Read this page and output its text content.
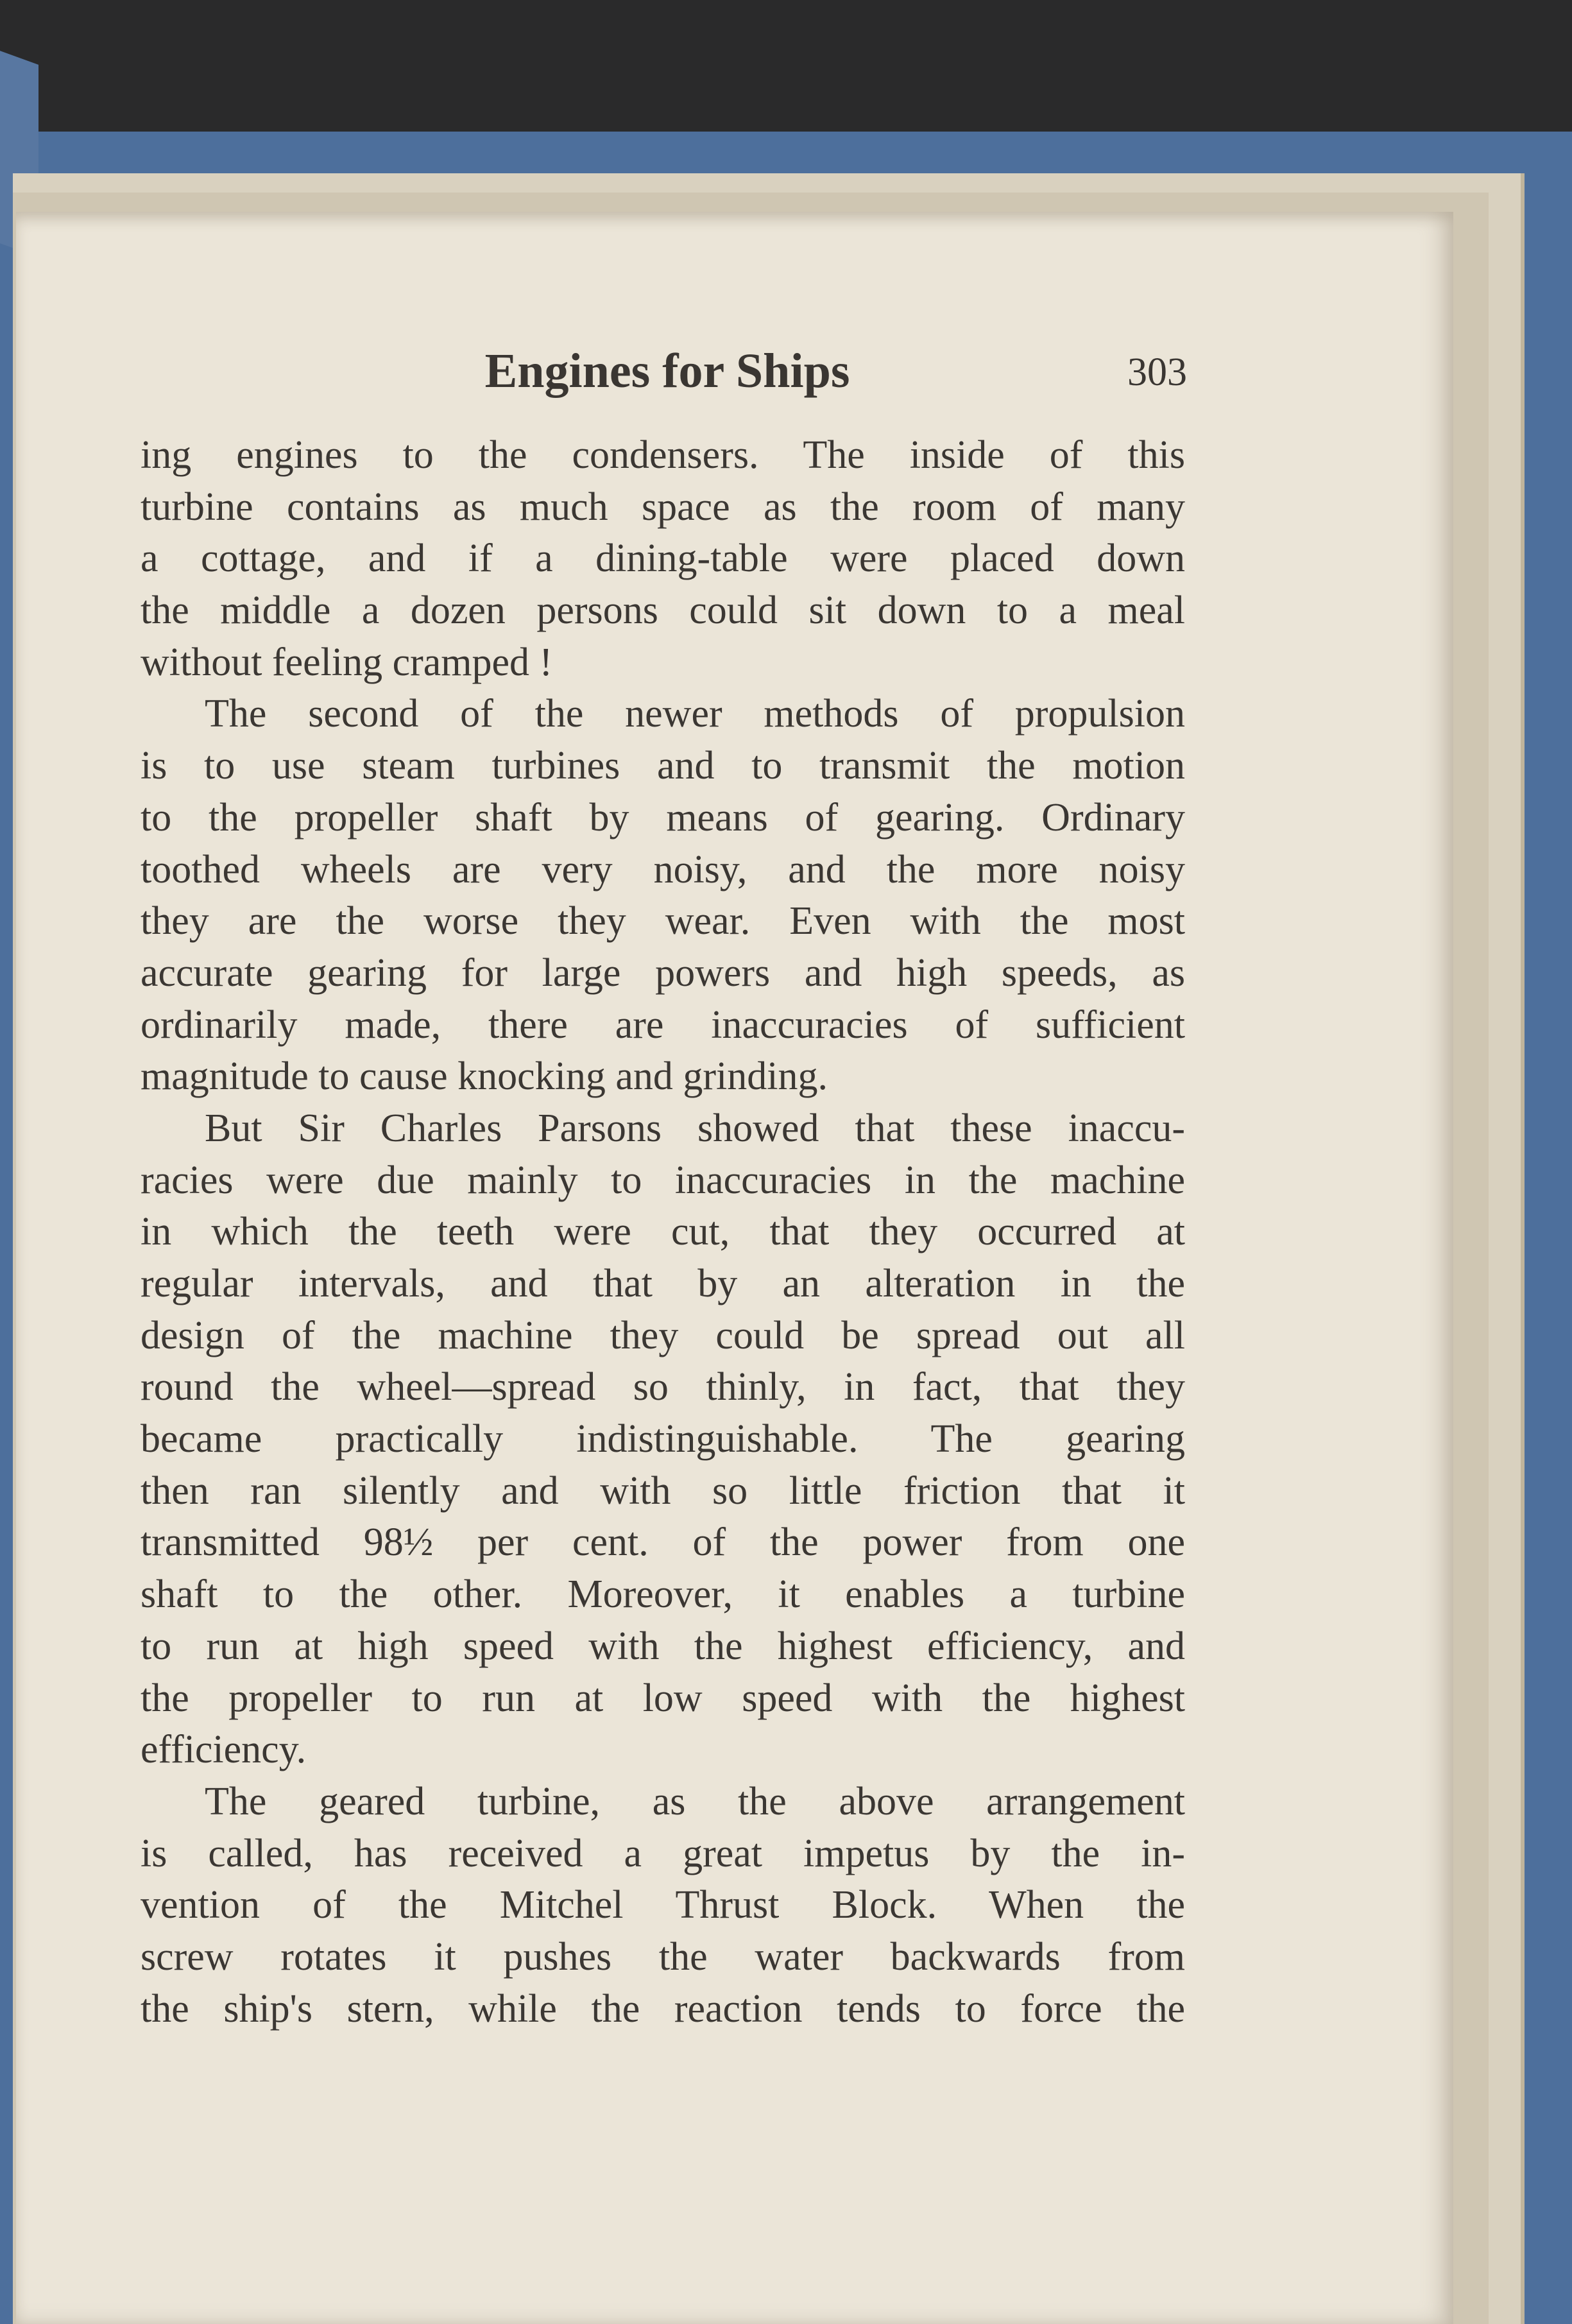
Engines for Ships	303
ing engines to the condensers. The inside of this
turbine contains as much space as the room of many
a cottage, and if a dining-table were placed down
the middle a dozen persons could sit down to a meal
without feeling cramped !
The second of the newer methods of propulsion
is to use steam turbines and to transmit the motion
to the propeller shaft by means of gearing. Ordinary
toothed wheels are very noisy, and the more noisy
they are the worse they wear. Even with the most
accurate gearing for large powers and high speeds, as
ordinarily made, there are inaccuracies of sufficient
magnitude to cause knocking and grinding.
But Sir Charles Parsons showed that these inaccu-
racies were due mainly to inaccuracies in the machine
in which the teeth were cut, that they occurred at
regular intervals, and that by an alteration in the
design of the machine they could be spread out all
round the wheel—spread so thinly, in fact, that they
became practically indistinguishable. The gearing
then ran silently and with so little friction that it
transmitted 98½ per cent. of the power from one
shaft to the other. Moreover, it enables a turbine
to run at high speed with the highest efficiency, and
the propeller to run at low speed with the highest
efficiency.
The geared turbine, as the above arrangement
is called, has received a great impetus by the in-
vention of the Mitchel Thrust Block. When the
screw rotates it pushes the water backwards from
the ship's stern, while the reaction tends to force the
